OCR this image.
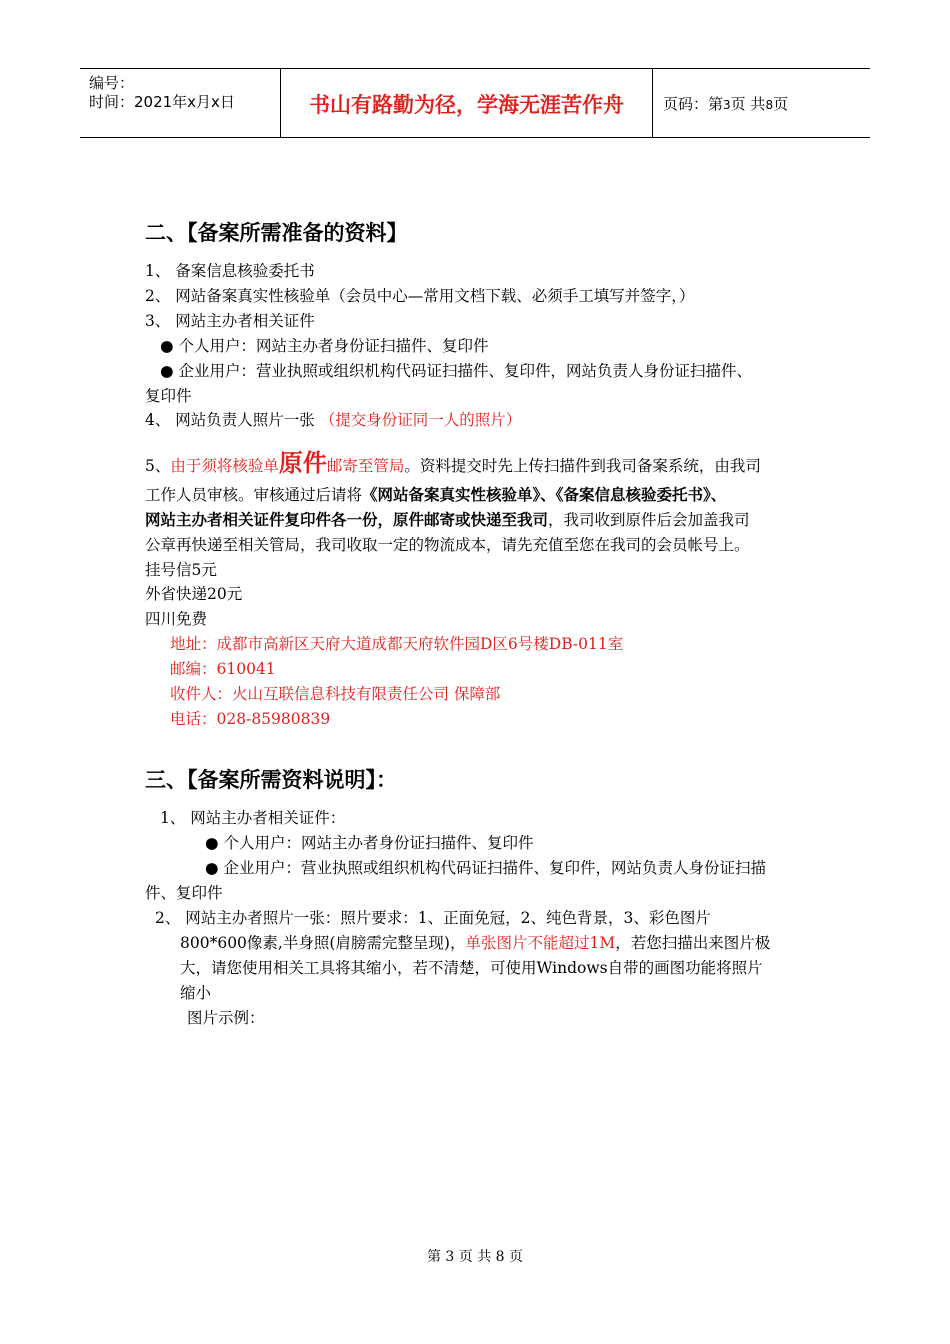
编号：
时间：2021年x月x日	书山有路勤为径，学海无涯苦作舟	页码：第3页 共8页
二、【备案所需准备的资料】
1、 备案信息核验委托书
2、 网站备案真实性核验单（会员中心—常用文档下载、必须手工填写并签字，）
3、 网站主办者相关证件
● 个人用户：网站主办者身份证扫描件、复印件
● 企业用户：营业执照或组织机构代码证扫描件、复印件，网站负责人身份证扫描件、
复印件
4、 网站负责人照片一张 （提交身份证同一人的照片）
5、由于须将核验单原件邮寄至管局。资料提交时先上传扫描件到我司备案系统，由我司
工作人员审核。审核通过后请将《网站备案真实性核验单》、《备案信息核验委托书》、
网站主办者相关证件复印件各一份，原件邮寄或快递至我司，我司收到原件后会加盖我司
公章再快递至相关管局，我司收取一定的物流成本，请先充值至您在我司的会员帐号上。
挂号信5元
外省快递20元
四川免费
地址：成都市高新区天府大道成都天府软件园D区6号楼DB-011室
邮编：610041
收件人：火山互联信息科技有限责任公司 保障部
电话：028-85980839
三、【备案所需资料说明】：
1、 网站主办者相关证件：
● 个人用户：网站主办者身份证扫描件、复印件
● 企业用户：营业执照或组织机构代码证扫描件、复印件，网站负责人身份证扫描
件、复印件
2、 网站主办者照片一张：照片要求：1、正面免冠，2、纯色背景，3、彩色图片
800*600像素,半身照(肩膀需完整呈现)，单张图片不能超过1M，若您扫描出来图片极
大，请您使用相关工具将其缩小，若不清楚，可使用Windows自带的画图功能将照片
缩小
图片示例：
第 3 页 共 8 页
